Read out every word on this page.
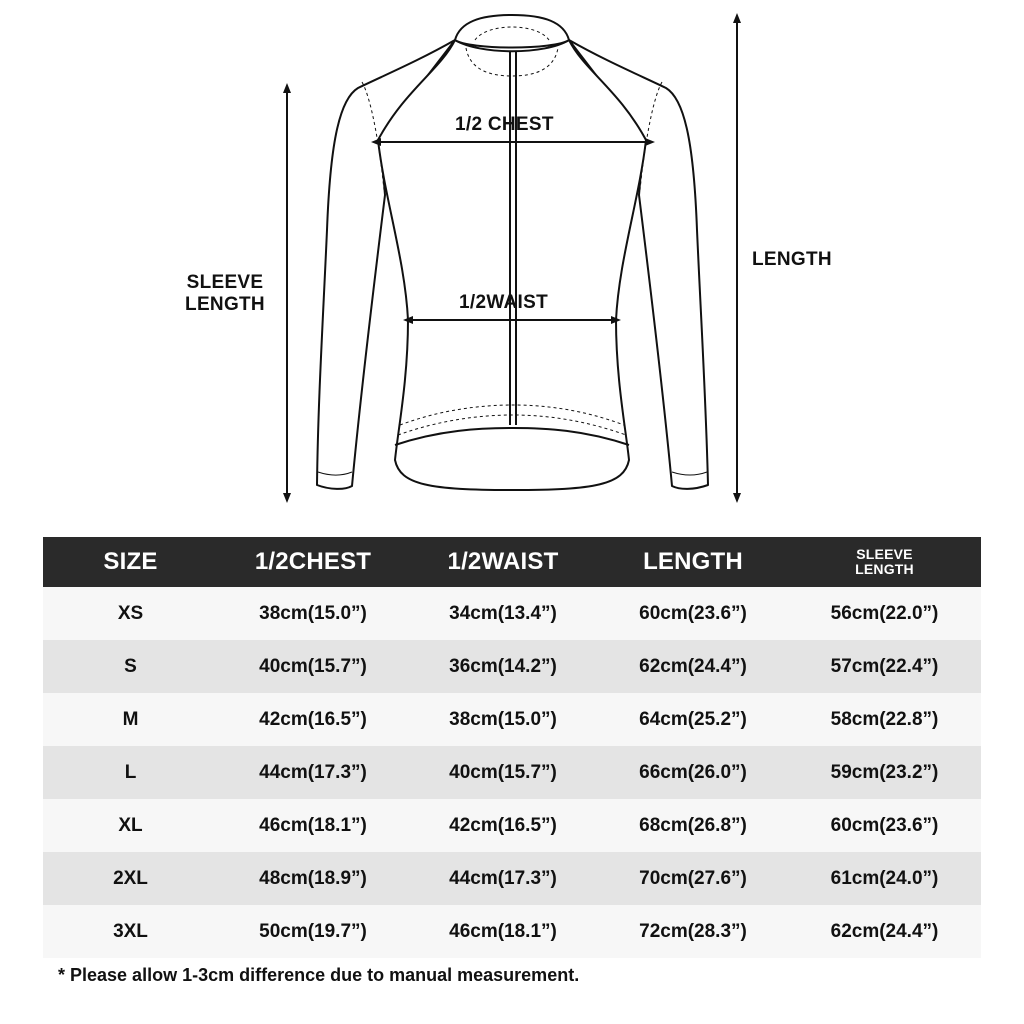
1/2 CHEST
1/2WAIST
LENGTH
SLEEVE
LENGTH
SIZE	1/2CHEST	1/2WAIST	LENGTH	SLEEVE
LENGTH

XS	38cm(15.0”)	34cm(13.4”)	60cm(23.6”)	56cm(22.0”)
S	40cm(15.7”)	36cm(14.2”)	62cm(24.4”)	57cm(22.4”)
M	42cm(16.5”)	38cm(15.0”)	64cm(25.2”)	58cm(22.8”)
L	44cm(17.3”)	40cm(15.7”)	66cm(26.0”)	59cm(23.2”)
XL	46cm(18.1”)	42cm(16.5”)	68cm(26.8”)	60cm(23.6”)
2XL	48cm(18.9”)	44cm(17.3”)	70cm(27.6”)	61cm(24.0”)
3XL	50cm(19.7”)	46cm(18.1”)	72cm(28.3”)	62cm(24.4”)
* Please allow 1-3cm difference due to manual measurement.
